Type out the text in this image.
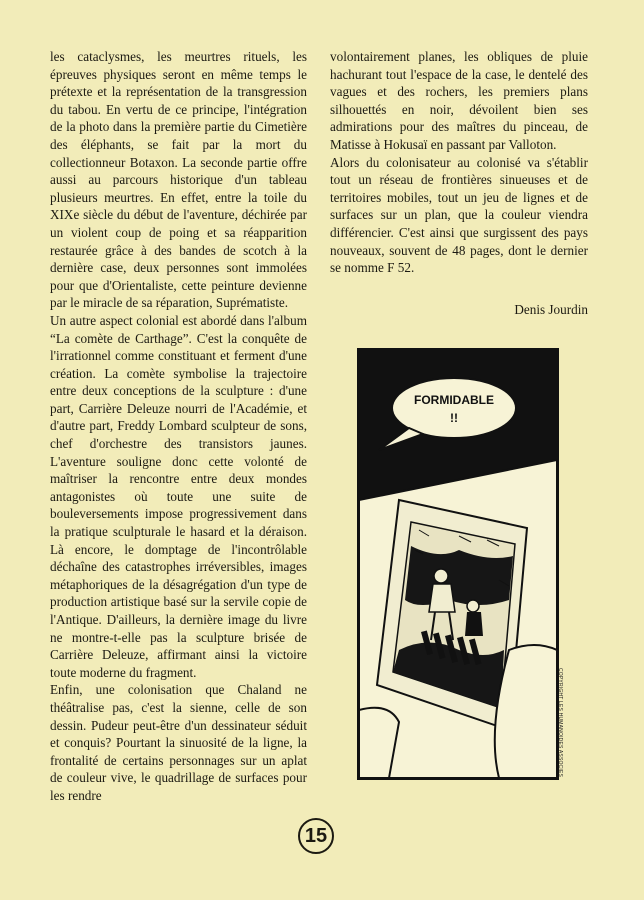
les cataclysmes, les meurtres rituels, les épreuves physiques seront en même temps le prétexte et la représentation de la transgression du tabou. En vertu de ce principe, l'intégration de la photo dans la première partie du Cimetière des éléphants, se fait par la mort du collectionneur Botaxon. La seconde partie offre aussi au parcours historique d'un tableau plusieurs meurtres. En effet, entre la toile du XIXe siècle du début de l'aventure, déchirée par un violent coup de poing et sa réapparition restaurée grâce à des bandes de scotch à la dernière case, deux personnes sont immolées pour que d'Orientaliste, cette peinture devienne par le miracle de sa réparation, Suprématiste.

Un autre aspect colonial est abordé dans l'album “La comète de Carthage”. C'est la conquête de l'irrationnel comme constituant et ferment d'une création. La comète symbolise la trajectoire entre deux conceptions de la sculpture : d'une part, Carrière Deleuze nourri de l'Académie, et d'autre part, Freddy Lombard sculpteur de sons, chef d'orchestre des transistors jaunes. L'aventure souligne donc cette volonté de maîtriser la rencontre entre deux mondes antagonistes où toute une suite de bouleversements impose progressivement dans la pratique sculpturale le hasard et la déraison. Là encore, le domptage de l'incontrôlable déchaîne des catastrophes irréversibles, images métaphoriques de la désagrégation d'un type de production artistique basé sur la servile copie de l'Antique. D'ailleurs, la dernière image du livre ne montre-t-elle pas la sculpture brisée de Carrière Deleuze, affirmant ainsi la victoire toute moderne du fragment.

Enfin, une colonisation que Chaland ne théâtralise pas, c'est la sienne, celle de son dessin. Pudeur peut-être d'un dessinateur séduit et conquis? Pourtant la sinuosité de la ligne, la frontalité de certains personnages sur un aplat de couleur vive, le quadrillage de surfaces pour les rendre

volontairement planes, les obliques de pluie hachurant tout l'espace de la case, le dentelé des vagues et des rochers, les premiers plans silhouettés en noir, dévoilent bien ses admirations pour des maîtres du pinceau, de Matisse à Hokusaï en passant par Valloton.

Alors du colonisateur au colonisé va s'établir tout un réseau de frontières sinueuses et de territoires mobiles, tout un jeu de lignes et de surfaces sur un plan, que la couleur viendra différencier. C'est ainsi que surgissent des pays nouveaux, souvent de 48 pages, dont le dernier se nomme F 52.

Denis Jourdin
FORMIDABLE
!!
COPYRIGHT LES HUMANOIDES ASSOCIES
15
